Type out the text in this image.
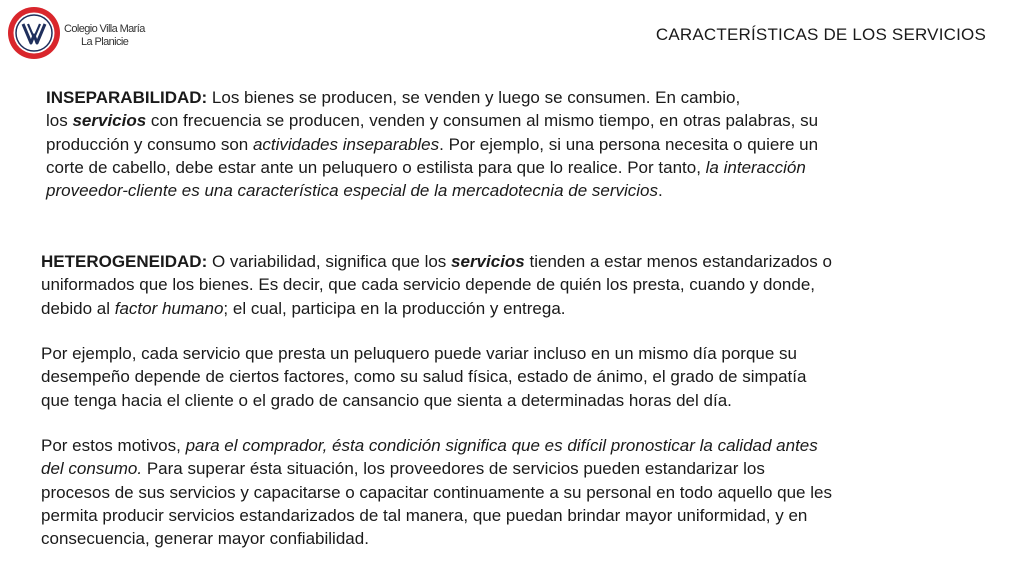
Colegio Villa María
La Planicie	CARACTERÍSTICAS DE LOS SERVICIOS
INSEPARABILIDAD: Los bienes se producen, se venden y luego se consumen. En cambio,
los servicios con frecuencia se producen, venden y consumen al mismo tiempo, en otras palabras, su
producción y consumo son actividades inseparables. Por ejemplo, si una persona necesita o quiere un
corte de cabello, debe estar ante un peluquero o estilista para que lo realice. Por tanto, la interacción
proveedor-cliente es una característica especial de la mercadotecnia de servicios.
HETEROGENEIDAD: O variabilidad, significa que los servicios tienden a estar menos estandarizados o
uniformados que los bienes. Es decir, que cada servicio depende de quién los presta, cuando y donde,
debido al factor humano; el cual, participa en la producción y entrega.
Por ejemplo, cada servicio que presta un peluquero puede variar incluso en un mismo día porque su
desempeño depende de ciertos factores, como su salud física, estado de ánimo, el grado de simpatía
que tenga hacia el cliente o el grado de cansancio que sienta a determinadas horas del día.
Por estos motivos, para el comprador, ésta condición significa que es difícil pronosticar la calidad antes
del consumo. Para superar ésta situación, los proveedores de servicios pueden estandarizar los
procesos de sus servicios y capacitarse o capacitar continuamente a su personal en todo aquello que les
permita producir servicios estandarizados de tal manera, que puedan brindar mayor uniformidad, y en
consecuencia, generar mayor confiabilidad.
